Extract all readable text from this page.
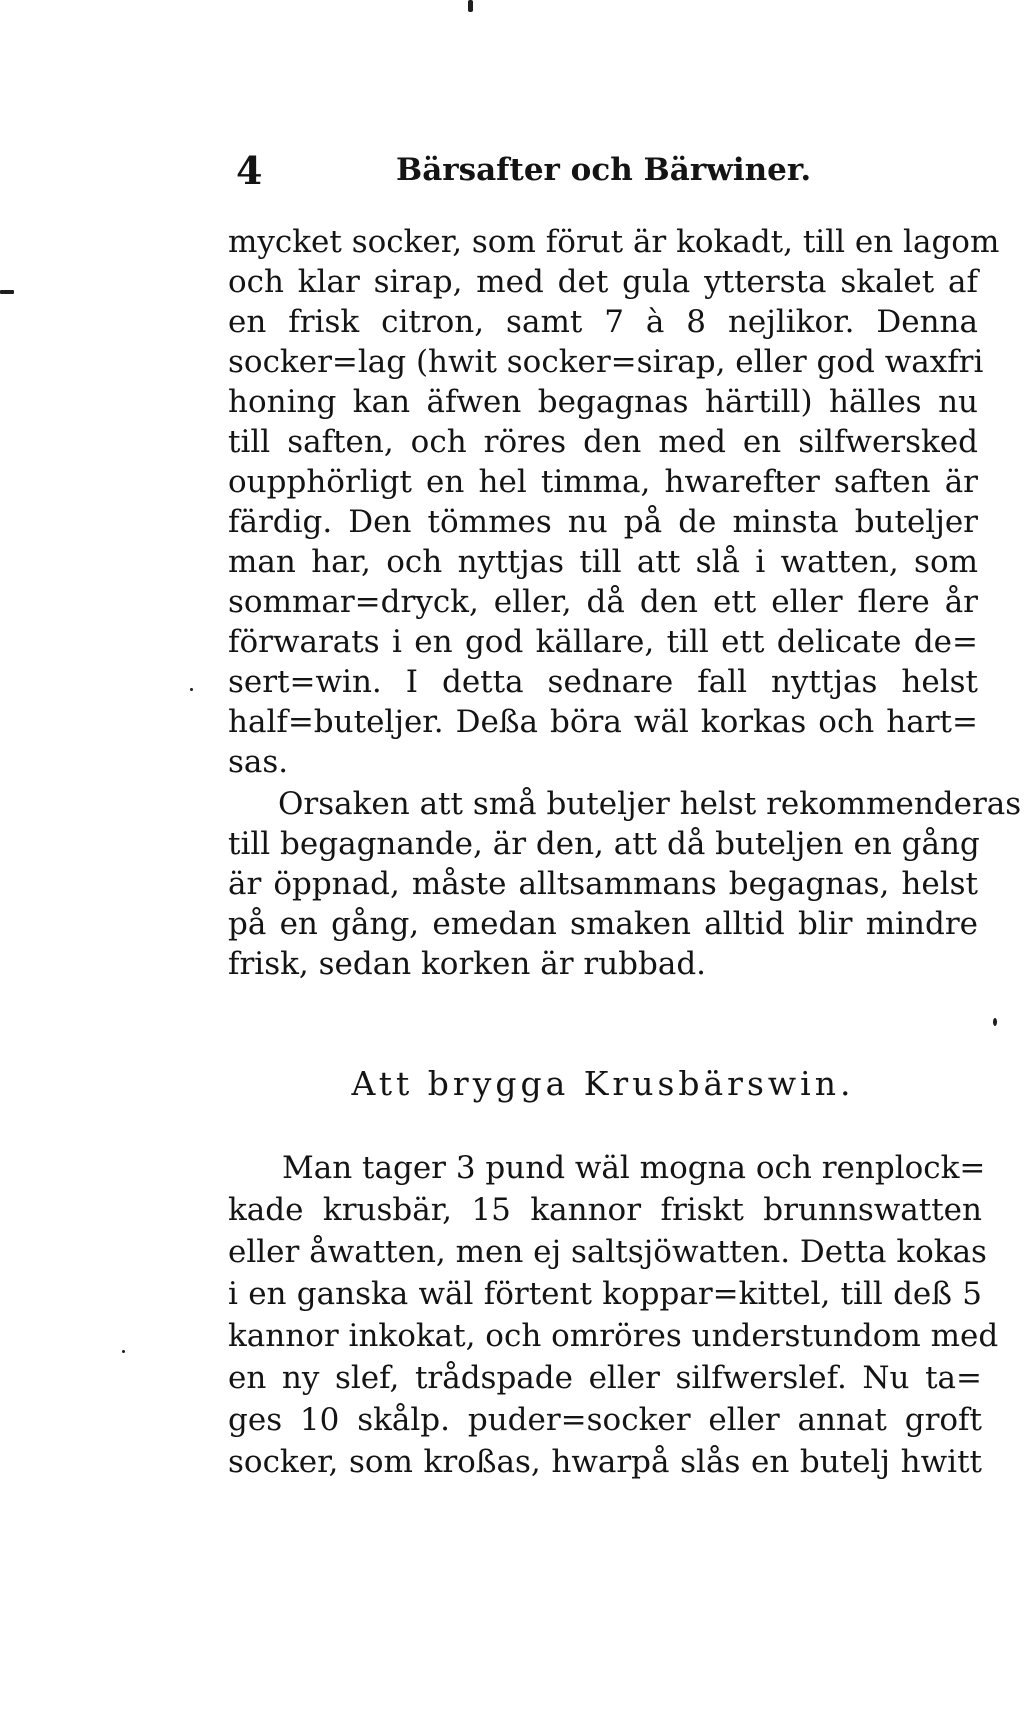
4	Bärsafter och Bärwiner.
mycket socker, som förut är kokadt, till en lagom
och klar sirap, med det gula yttersta skalet af
en frisk citron, samt 7 à 8 nejlikor. Denna
socker=lag (hwit socker=sirap, eller god waxfri
honing kan äfwen begagnas härtill) hälles nu
till saften, och röres den med en silfwersked
oupphörligt en hel timma, hwarefter saften är
färdig. Den tömmes nu på de minsta buteljer
man har, och nyttjas till att slå i watten, som
sommar=dryck, eller, då den ett eller flere år
förwarats i en god källare, till ett delicate de=
sert=win. I detta sednare fall nyttjas helst
half=buteljer. Deßa böra wäl korkas och hart=
sas.
Orsaken att små buteljer helst rekommenderas
till begagnande, är den, att då buteljen en gång
är öppnad, måste alltsammans begagnas, helst
på en gång, emedan smaken alltid blir mindre
frisk, sedan korken är rubbad.
Att brygga Krusbärswin.
Man tager 3 pund wäl mogna och renplock=
kade krusbär, 15 kannor friskt brunnswatten
eller åwatten, men ej saltsjöwatten. Detta kokas
i en ganska wäl förtent koppar=kittel, till deß 5
kannor inkokat, och omröres understundom med
en ny slef, trådspade eller silfwerslef. Nu ta=
ges 10 skålp. puder=socker eller annat groft
socker, som kroßas, hwarpå slås en butelj hwitt
